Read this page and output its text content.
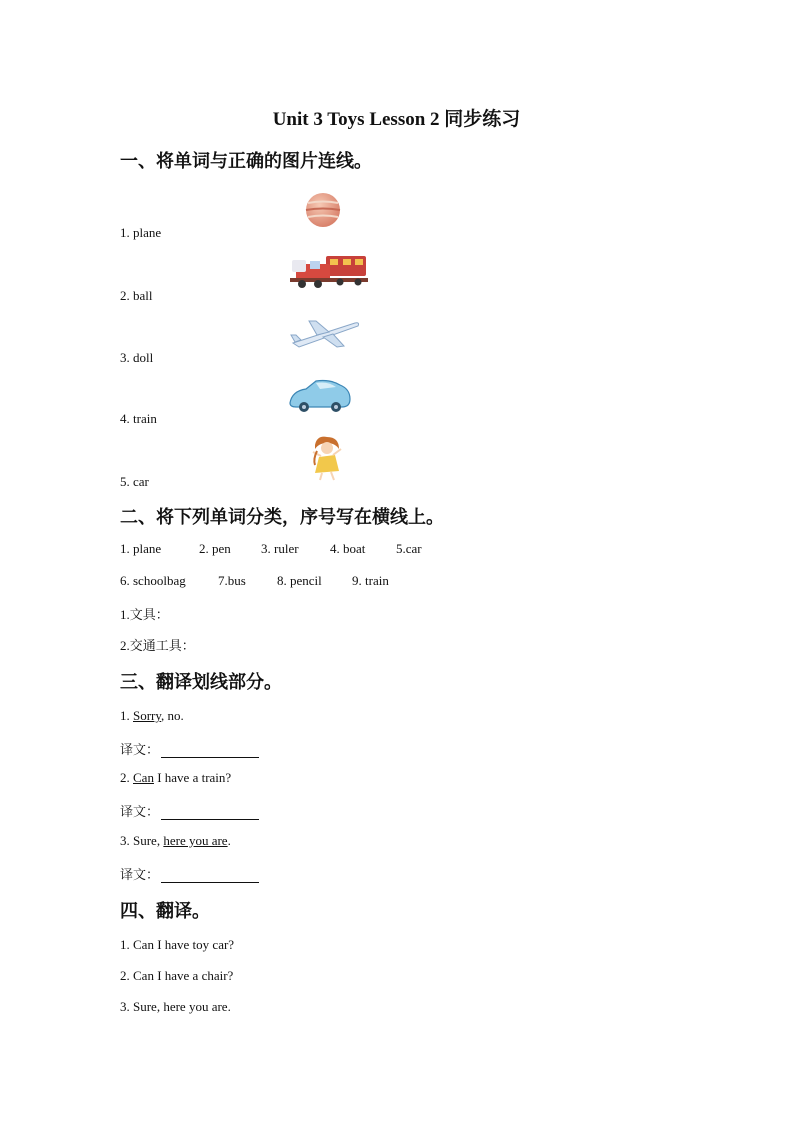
Unit 3 Toys Lesson 2 同步练习
一、将单词与正确的图片连线。
1. plane
2. ball
3. doll
4. train
5. car
二、将下列单词分类，序号写在横线上。
1. plane	2. pen 3. ruler 4. boat 5.car
6. schoolbag 7.bus 8. pencil 9. train
1.文具：
2.交通工具：
三、翻译划线部分。
1. Sorry, no.
译文：
2. Can I have a train?
译文：
3. Sure, here you are.
译文：
四、翻译。
1. Can I have toy car?
2. Can I have a chair?
3. Sure, here you are.
